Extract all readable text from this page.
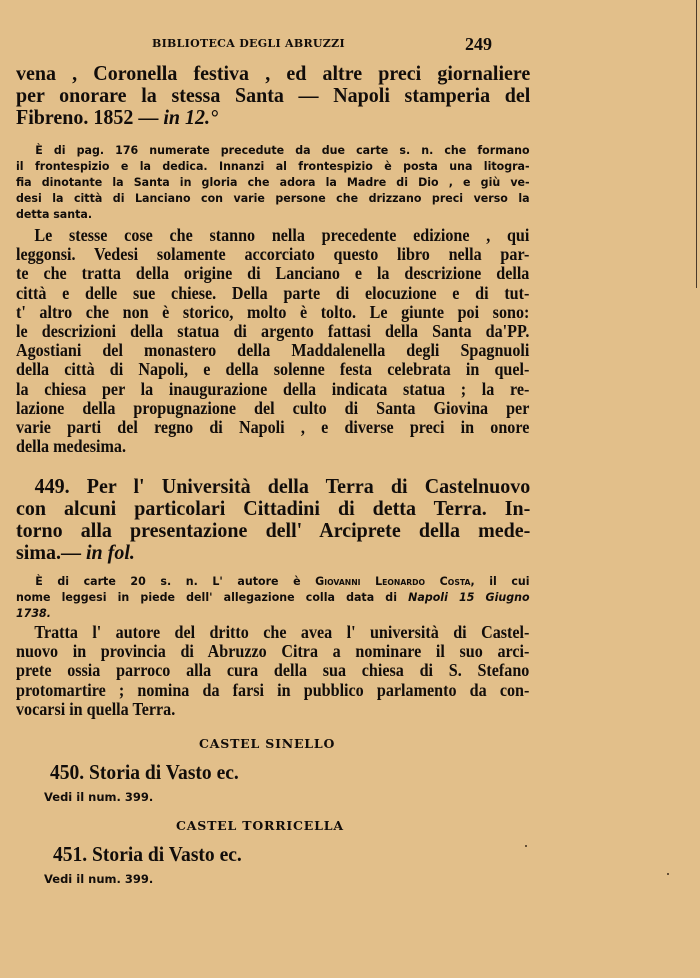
BIBLIOTECA DEGLI ABRUZZI	249
vena , Coronella festiva , ed altre preci giornaliere
per onorare la stessa Santa — Napoli stamperia del
Fibreno. 1852 — in 12.°
È di pag. 176 numerate precedute da due carte s. n. che formano
il frontespizio e la dedica. Innanzi al frontespizio è posta una litogra-
fia dinotante la Santa in gloria che adora la Madre di Dio , e giù ve-
desi la città di Lanciano con varie persone che drizzano preci verso la
detta santa.
Le stesse cose che stanno nella precedente edizione , qui
leggonsi. Vedesi solamente accorciato questo libro nella par-
te che tratta della origine di Lanciano e la descrizione della
città e delle sue chiese. Della parte di elocuzione e di tut-
t' altro che non è storico, molto è tolto. Le giunte poi sono:
le descrizioni della statua di argento fattasi della Santa da'PP.
Agostiani del monastero della Maddalenella degli Spagnuoli
della città di Napoli, e della solenne festa celebrata in quel-
la chiesa per la inaugurazione della indicata statua ; la re-
lazione della propugnazione del culto di Santa Giovina per
varie parti del regno di Napoli , e diverse preci in onore
della medesima.
449. Per l' Università della Terra di Castelnuovo
con alcuni particolari Cittadini di detta Terra. In-
torno alla presentazione dell' Arciprete della mede-
sima.— in fol.
È di carte 20 s. n. L' autore è Giovanni Leonardo Costa, il cui
nome leggesi in piede dell' allegazione colla data di Napoli 15 Giugno
1738.
Tratta l' autore del dritto che avea l' università di Castel-
nuovo in provincia di Abruzzo Citra a nominare il suo arci-
prete ossia parroco alla cura della sua chiesa di S. Stefano
protomartire ; nomina da farsi in pubblico parlamento da con-
vocarsi in quella Terra.
CASTEL SINELLO
450. Storia di Vasto ec.
Vedi il num. 399.
CASTEL TORRICELLA
451. Storia di Vasto ec.
Vedi il num. 399.
